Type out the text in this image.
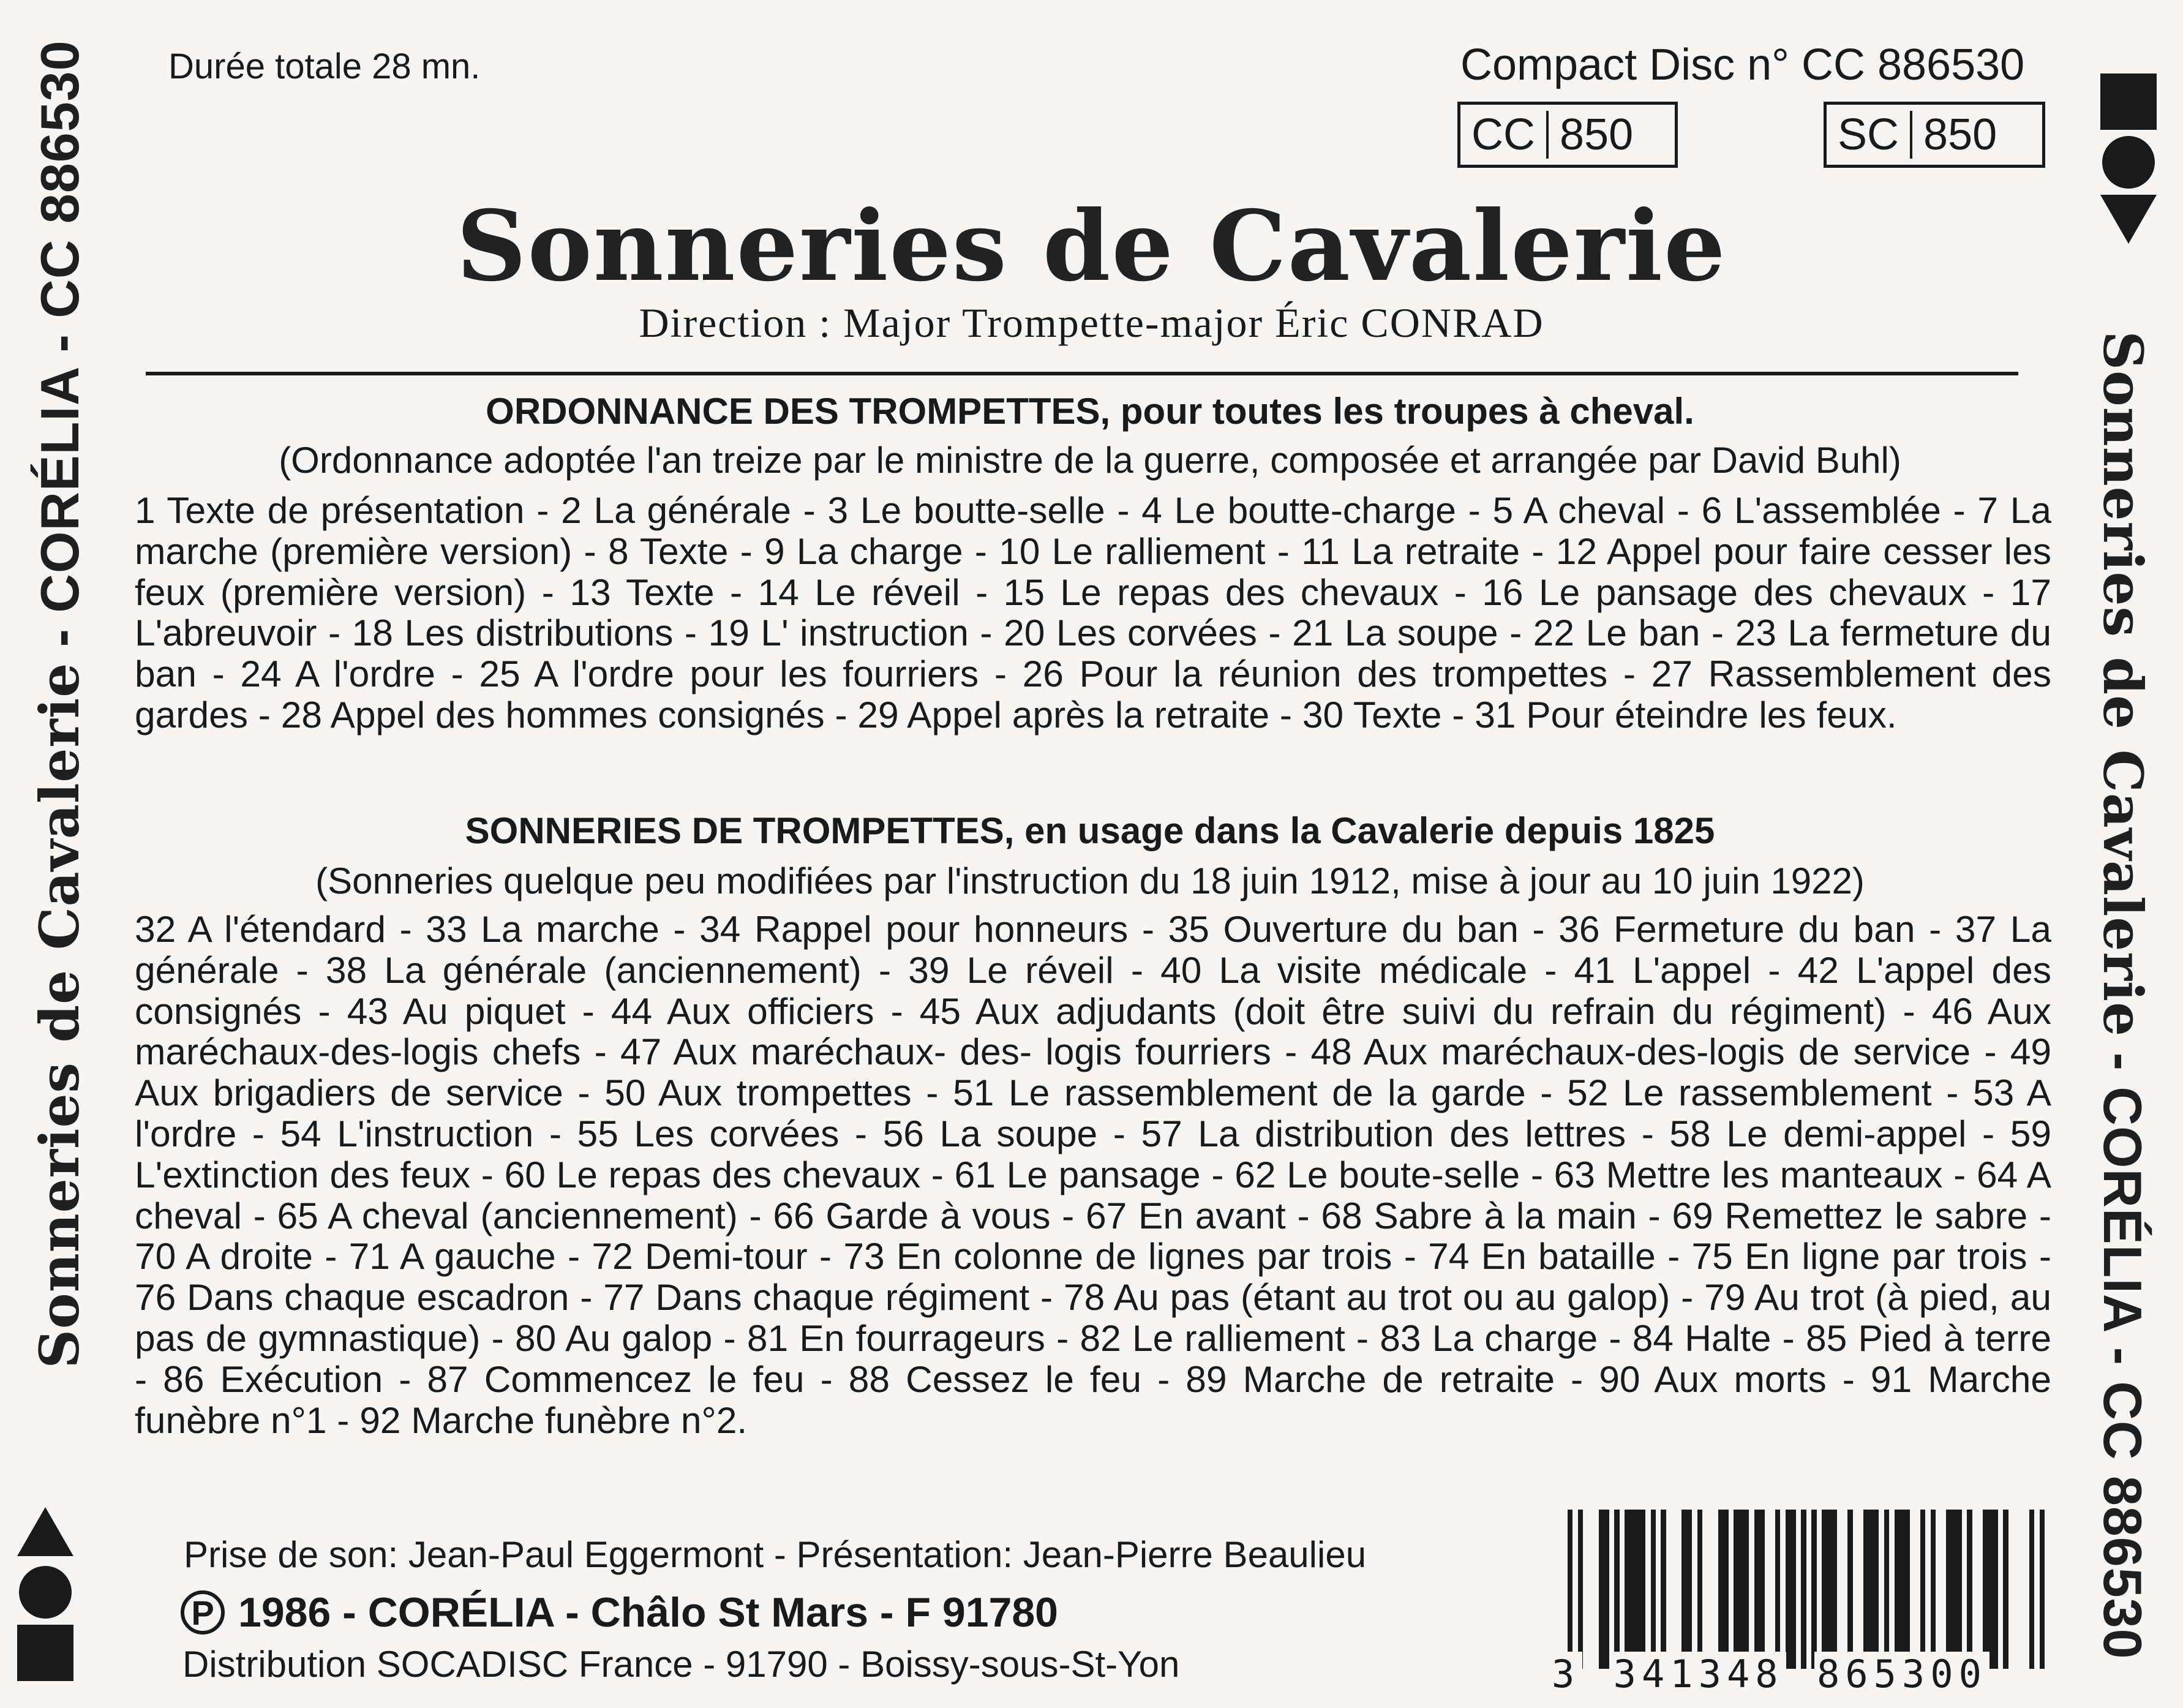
Sonneries de Cavalerie - CORÉLIA - CC 886530
Sonneries de Cavalerie - CORÉLIA - CC 886530
Durée totale 28 mn.	Compact Disc n° CC 886530
CC 850	SC 850
Sonneries de Cavalerie
Direction : Major Trompette-major Éric CONRAD
ORDONNANCE DES TROMPETTES, pour toutes les troupes à cheval.
(Ordonnance adoptée l'an treize par le ministre de la guerre, composée et arrangée par David Buhl)
1 Texte de présentation - 2 La générale - 3 Le boutte-selle - 4 Le boutte-charge - 5 A cheval - 6 L'assemblée - 7 La marche (première version) - 8 Texte - 9 La charge - 10 Le ralliement - 11 La retraite - 12 Appel pour faire cesser les feux (première version) - 13 Texte - 14 Le réveil - 15 Le repas des chevaux - 16 Le pansage des chevaux - 17 L'abreuvoir - 18 Les distributions - 19 L' instruction - 20 Les corvées - 21 La soupe - 22 Le ban - 23 La fermeture du ban - 24 A l'ordre - 25 A l'ordre pour les fourriers - 26 Pour la réunion des trompettes - 27 Rassemblement des gardes - 28 Appel des hommes consignés - 29 Appel après la retraite - 30 Texte - 31 Pour éteindre les feux.
SONNERIES DE TROMPETTES, en usage dans la Cavalerie depuis 1825
(Sonneries quelque peu modifiées par l'instruction du 18 juin 1912, mise à jour au 10 juin 1922)
32 A l'étendard - 33 La marche - 34 Rappel pour honneurs - 35 Ouverture du ban - 36 Fermeture du ban - 37 La générale - 38 La générale (anciennement) - 39 Le réveil - 40 La visite médicale - 41 L'appel - 42 L'appel des consignés - 43 Au piquet - 44 Aux officiers - 45 Aux adjudants (doit être suivi du refrain du régiment) - 46 Aux maréchaux-des-logis chefs - 47 Aux maréchaux- des- logis fourriers - 48 Aux maréchaux-des-logis de service - 49 Aux brigadiers de service - 50 Aux trompettes - 51 Le rassemblement de la garde - 52 Le rassemblement - 53 A l'ordre - 54 L'instruction - 55 Les corvées - 56 La soupe - 57 La distribution des lettres - 58 Le demi-appel - 59 L'extinction des feux - 60 Le repas des chevaux - 61 Le pansage - 62 Le boute-selle - 63 Mettre les manteaux - 64 A cheval - 65 A cheval (anciennement) - 66 Garde à vous - 67 En avant - 68 Sabre à la main - 69 Remettez le sabre - 70 A droite - 71 A gauche - 72 Demi-tour - 73 En colonne de lignes par trois - 74 En bataille - 75 En ligne par trois - 76 Dans chaque escadron - 77 Dans chaque régiment - 78 Au pas (étant au trot ou au galop) - 79 Au trot (à pied, au pas de gymnastique) - 80 Au galop - 81 En fourrageurs - 82 Le ralliement - 83 La charge - 84 Halte - 85 Pied à terre - 86 Exécution - 87 Commencez le feu - 88 Cessez le feu - 89 Marche de retraite - 90 Aux morts - 91 Marche funèbre n°1 - 92 Marche funèbre n°2.
Prise de son: Jean-Paul Eggermont - Présentation: Jean-Pierre Beaulieu
P 1986 - CORÉLIA - Châlo St Mars - F 91780
Distribution SOCADISC France - 91790 - Boissy-sous-St-Yon	3 341348 865300
